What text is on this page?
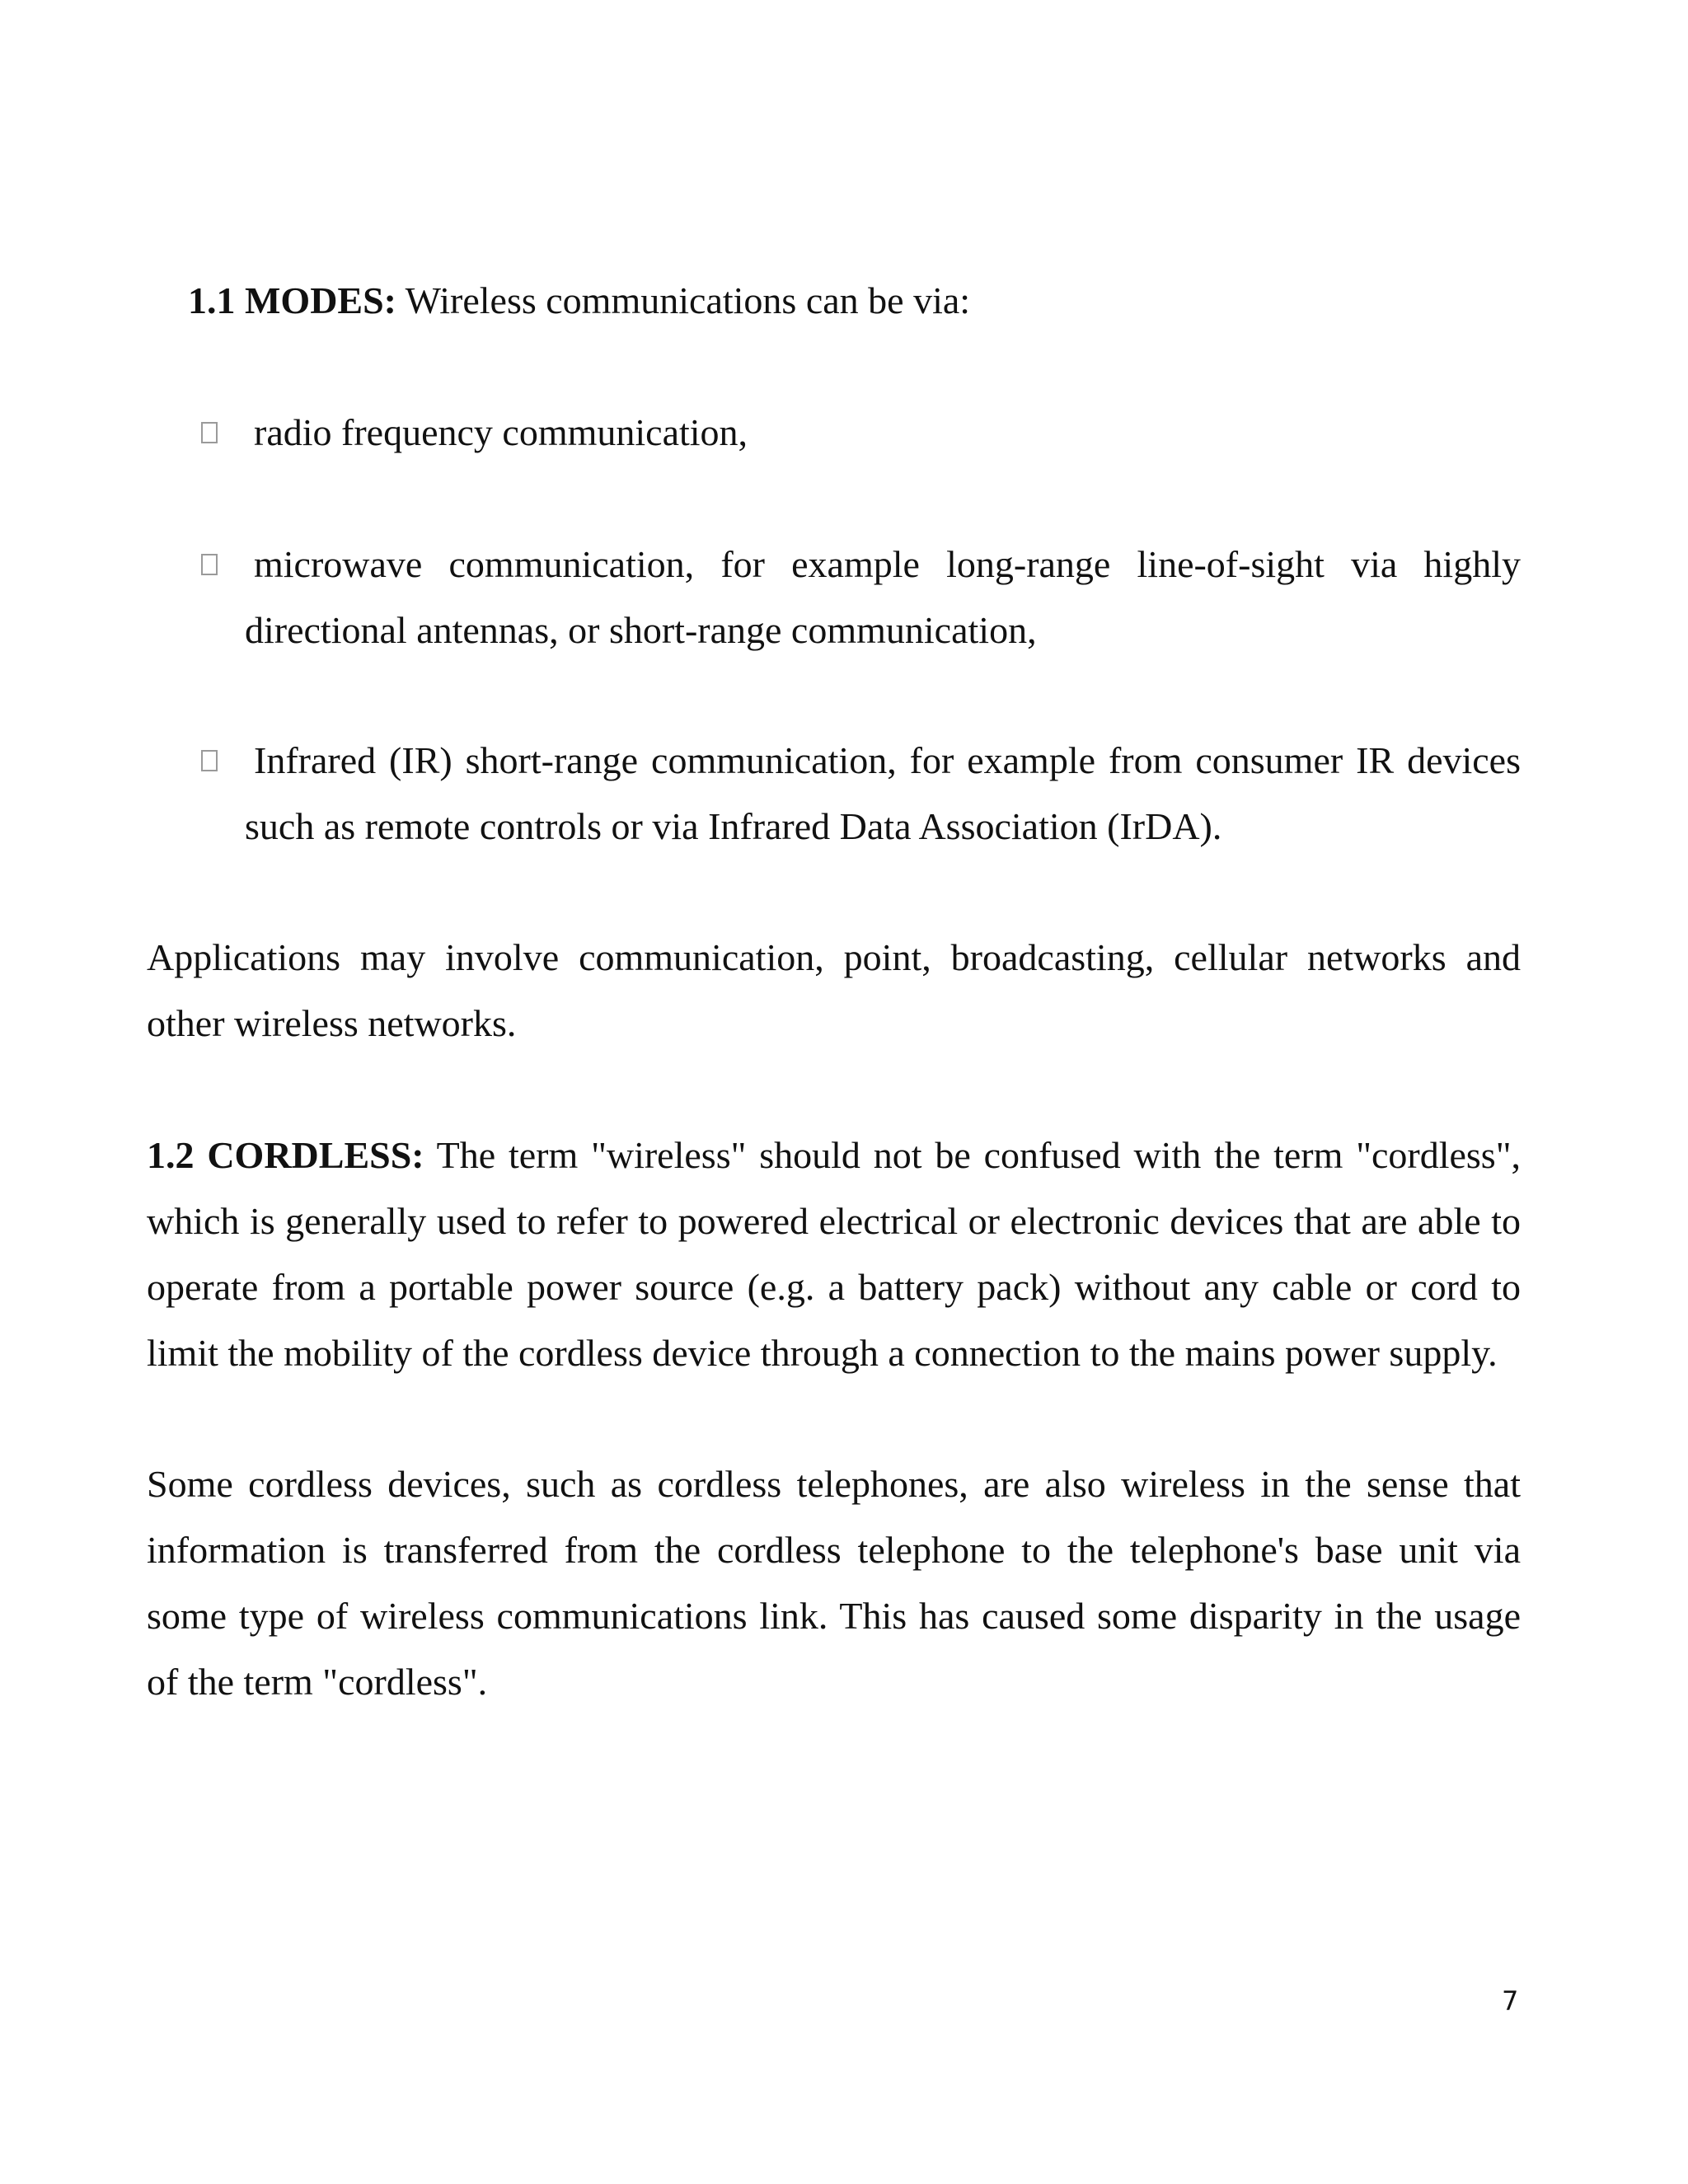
1.1 MODES: Wireless communications can be via:
radio frequency communication,
microwave communication, for example long-range line-of-sight via highly
directional antennas, or short-range communication,
Infrared (IR) short-range communication, for example from consumer IR devices
such as remote controls or via Infrared Data Association (IrDA).
Applications may involve communication, point, broadcasting, cellular networks and
other wireless networks.
1.2 CORDLESS: The term "wireless" should not be confused with the term "cordless",
which is generally used to refer to powered electrical or electronic devices that are able to
operate from a portable power source (e.g. a battery pack) without any cable or cord to
limit the mobility of the cordless device through a connection to the mains power supply.
Some cordless devices, such as cordless telephones, are also wireless in the sense that
information is transferred from the cordless telephone to the telephone's base unit via
some type of wireless communications link. This has caused some disparity in the usage
of the term "cordless".
7
